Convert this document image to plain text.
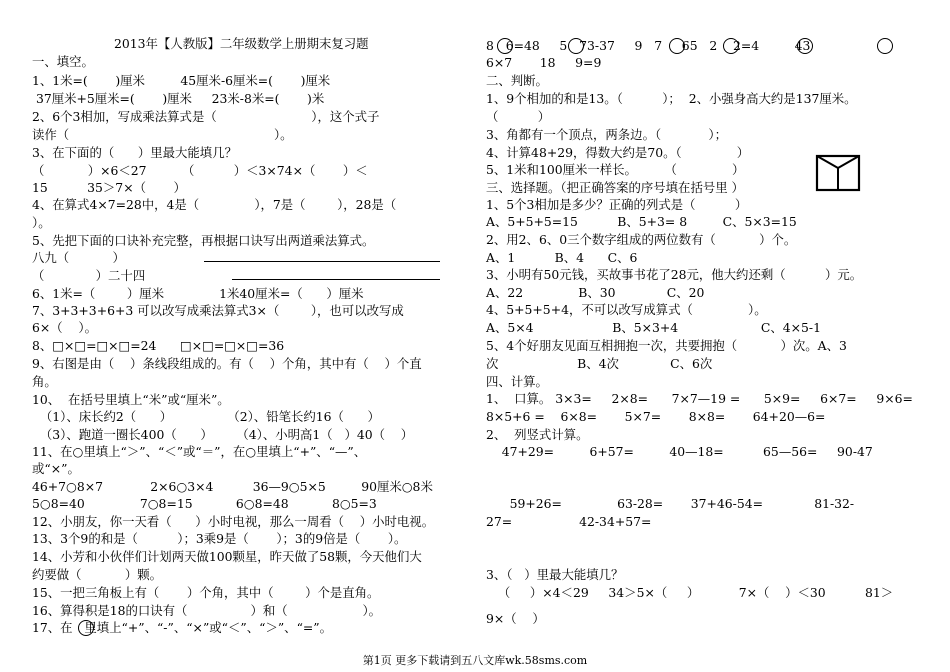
2013年【人教版】二年级数学上册期末复习题
一、填空。
1、1米=(       )厘米         45厘米-6厘米=(       )厘米
37厘米+5厘米=(       )厘米     23米-8米=(       )米
2、6个3相加，写成乘法算式是（                        ），这个式子
读作（                                                    ）。
3、在下面的（      ）里最大能填几？
（           ）×6＜27         （          ）＜3×74×（       ）＜
15          35＞7×（       ）
4、在算式4×7=28中，4是（              ），7是（        ），28是（
）。
5、先把下面的口诀补充完整，再根据口诀写出两道乘法算式。
八九（           ）
（             ）二十四
6、1米=（        ）厘米              1米40厘米=（      ）厘米
7、3+3+3+6+3 可以改写成乘法算式3×（        ），也可以改写成
6×（    ）。
8、□×□=□×□=24      □×□=□×□=36
9、右图是由（    ）条线段组成的。有（    ）个角，其中有（    ）个直
角。
10、  在括号里填上“米”或“厘米”。
（1）、床长约2（      ）              （2）、铅笔长约16（      ）
（3）、跑道一圈长400（      ）      （4）、小明高1（   ）40（    ）
11、在○里填上“＞”、“＜”或“＝”，在○里填上“+”、“—”、
或“×”。
46+7○8×7            2×6○3×4          36—9○5×5         90厘米○8米
5○8=40              7○8=15           6○8=48           8○5=3
12、小朋友，你一天看（      ）小时电视，那么一周看（    ）小时电视。
13、3个9的和是（          ）；3乘9是（       ）；3的9倍是（       ）。
14、小芳和小伙伴们计划两天做100颗星，昨天做了58颗，今天他们大
约要做（           ）颗。
15、一把三角板上有（       ）个角，其中（        ）个是直角。
16、算得积是18的口诀有（                ）和（                   ）。
17、在   里填上“+”、“-”、“×”或“＜”、“＞”、“=”。
8   6=48     5   73-37     9   7     65   2    2=4         43
6×7       18     9=9
二、判断。
1、9个相加的和是13。（          ）；  2、小强身高大约是137厘米。
（          ）
3、角都有一个顶点，两条边。（            ）；
4、计算48+29，得数大约是70。（              ）
5、1米和100厘米一样长。       （              ）
三、选择题。（把正确答案的序号填在括号里 ）
1、5个3相加是多少？正确的列式是（          ）
A、5+5+5=15          B、5+3= 8         C、5×3=15
2、用2、6、0三个数字组成的两位数有（           ）个。
A、1          B、4      C、6
3、小明有50元钱，买故事书花了28元，他大约还剩（          ）元。
A、22              B、30             C、20
4、5+5+5+4，不可以改写成算式（              ）。
A、5×4                    B、5×3+4                     C、4×5-1
5、4个好朋友见面互相拥抱一次，共要拥抱（           ）次。A、3
次                    B、4次             C、6次
四、计算。
1、  口算。 3×3=     2×8=      7×7—19 =      5×9=     6×7=     9×6=
8×5+6 =    6×8=       5×7=       8×8=       64+20—6=
2、  列竖式计算。
47+29=         6+57=         40—18=          65—56=     90-47
59+26=              63-28=       37+46-54=             81-32-
27=                 42-34+57=
3、（   ）里最大能填几？
（     ）×4＜29     34＞5×（     ）          7×（    ）＜30          81＞
9×（    ）
第1页 更多下载请到五八文库wk.58sms.com
